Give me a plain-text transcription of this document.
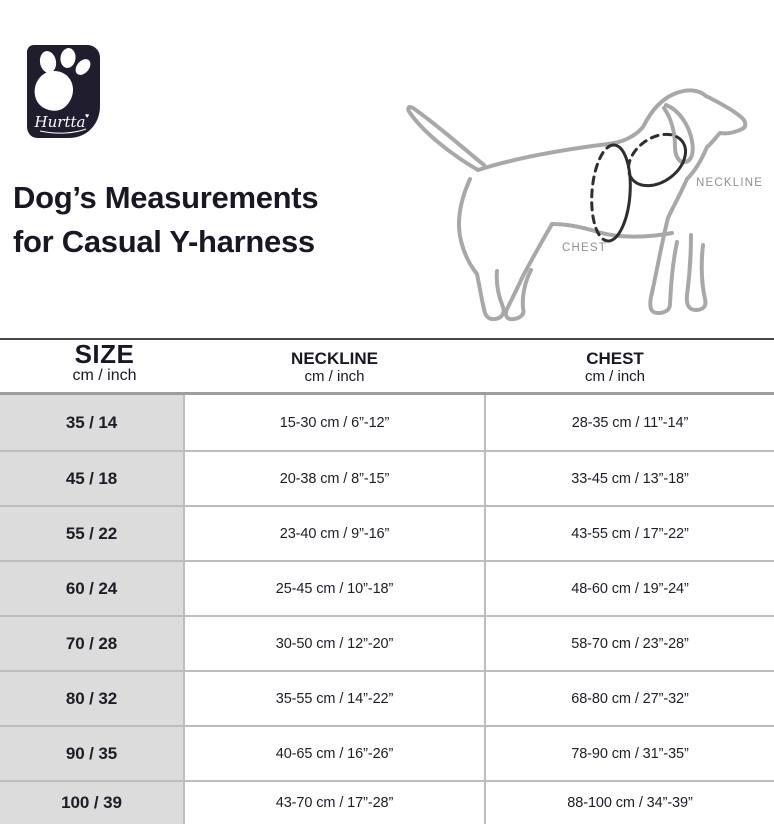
Hurtta ♥
Dog’s Measurements
for Casual Y-harness
NECKLINE
CHEST
SIZE
cm / inch
NECKLINE
cm / inch
CHEST
cm / inch
35 / 14	15-30 cm / 6”-12”	28-35 cm / 11”-14”
45 / 18	20-38 cm / 8”-15”	33-45 cm / 13”-18”
55 / 22	23-40 cm / 9”-16”	43-55 cm / 17”-22”
60 / 24	25-45 cm / 10”-18”	48-60 cm / 19”-24”
70 / 28	30-50 cm / 12”-20”	58-70 cm / 23”-28”
80 / 32	35-55 cm / 14”-22”	68-80 cm / 27”-32”
90 / 35	40-65 cm / 16”-26”	78-90 cm / 31”-35”
100 / 39	43-70 cm / 17”-28”	88-100 cm / 34”-39”
